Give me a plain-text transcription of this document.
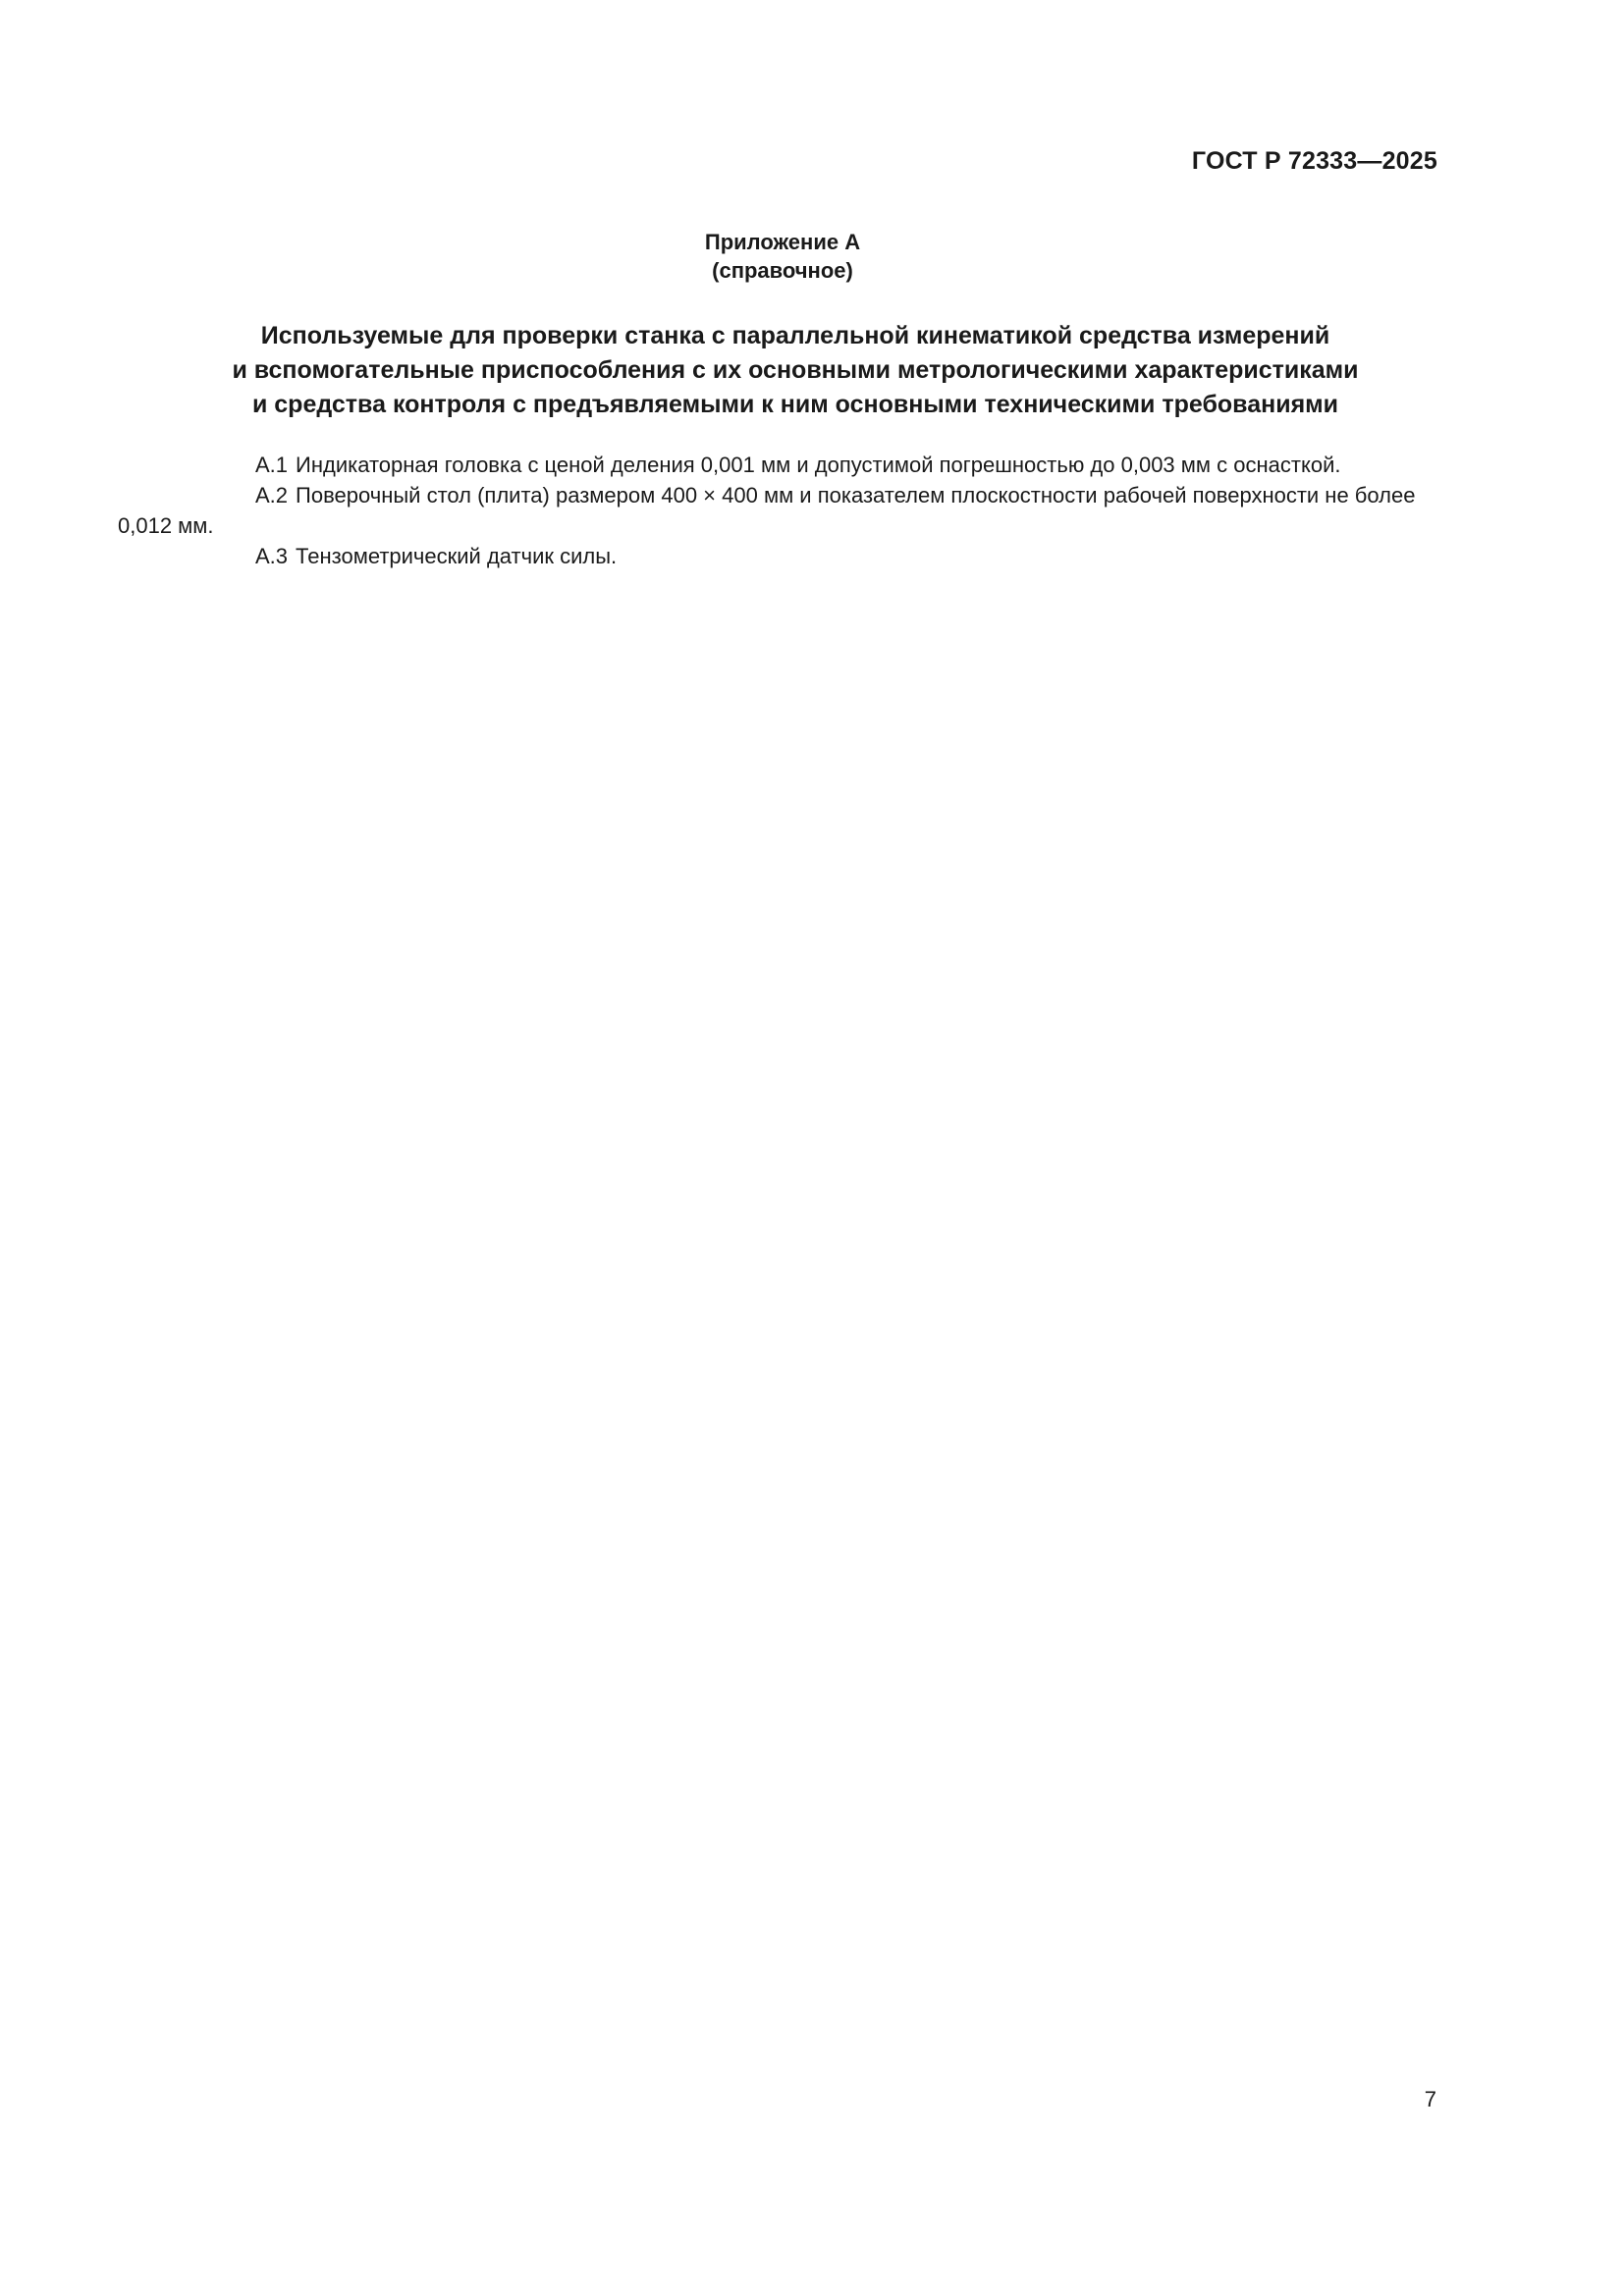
ГОСТ Р 72333—2025
Приложение А
(справочное)
Используемые для проверки станка с параллельной кинематикой средства измерений
и вспомогательные приспособления с их основными метрологическими характеристиками
и средства контроля с предъявляемыми к ним основными техническими требованиями

А.1 Индикаторная головка с ценой деления 0,001 мм и допустимой погрешностью до 0,003 мм с оснасткой.

А.2 Поверочный стол (плита) размером 400 × 400 мм и показателем плоскостности рабочей поверхности не более 0,012 мм.

А.3 Тензометрический датчик силы.

7
